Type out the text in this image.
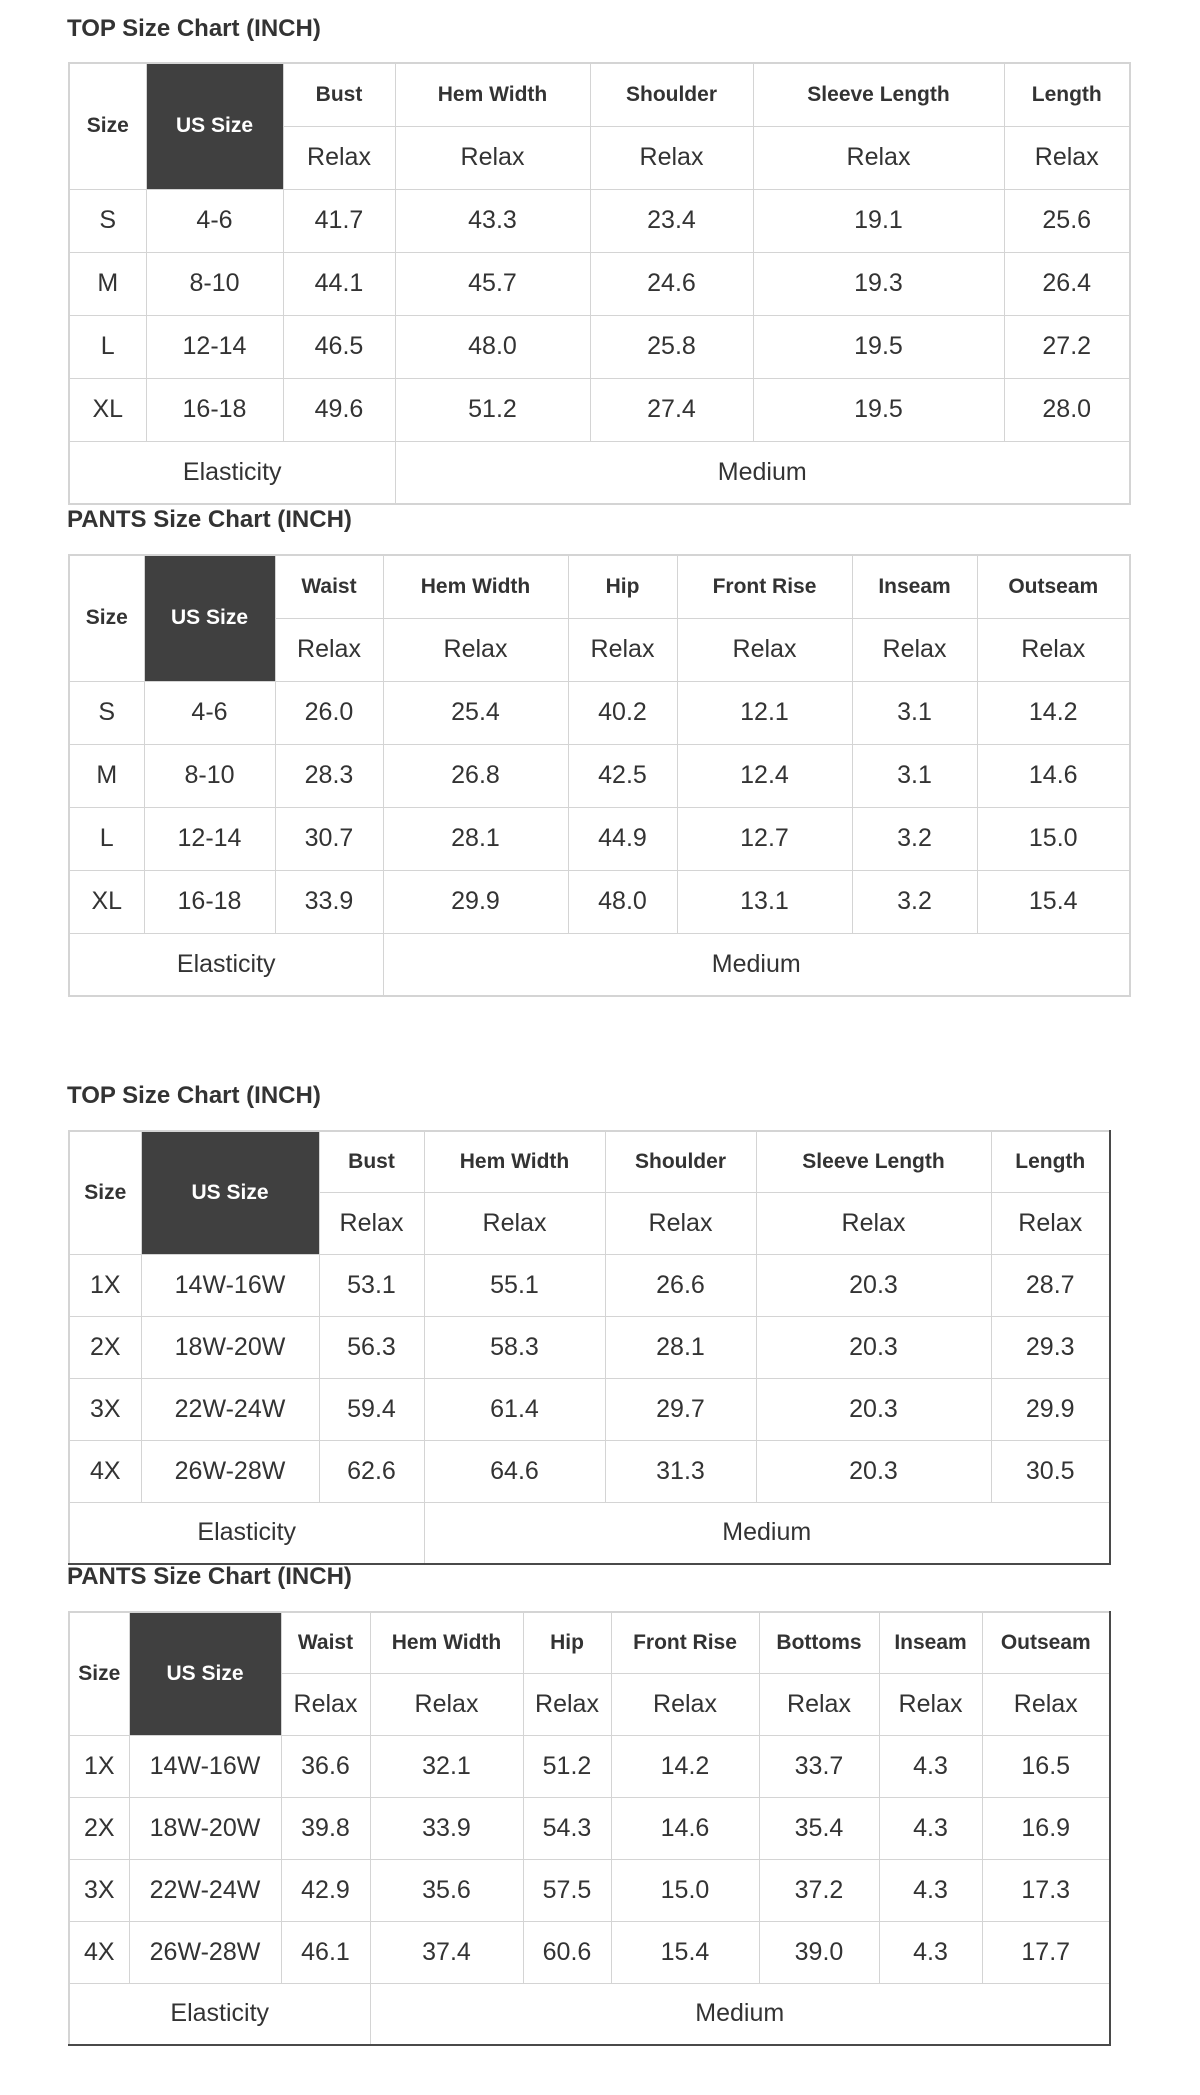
TOP Size Chart (INCH)
Size	US Size	Bust	Hem Width	Shoulder	Sleeve Length	Length
		Relax	Relax	Relax	Relax	Relax
S	4-6	41.7	43.3	23.4	19.1	25.6
M	8-10	44.1	45.7	24.6	19.3	26.4
L	12-14	46.5	48.0	25.8	19.5	27.2
XL	16-18	49.6	51.2	27.4	19.5	28.0
Elasticity			Medium			
PANTS Size Chart (INCH)
Size	US Size	Waist	Hem Width	Hip	Front Rise	Inseam	Outseam
		Relax	Relax	Relax	Relax	Relax	Relax
S	4-6	26.0	25.4	40.2	12.1	3.1	14.2
M	8-10	28.3	26.8	42.5	12.4	3.1	14.6
L	12-14	30.7	28.1	44.9	12.7	3.2	15.0
XL	16-18	33.9	29.9	48.0	13.1	3.2	15.4
Elasticity			Medium				
TOP Size Chart (INCH)
Size	US Size	Bust	Hem Width	Shoulder	Sleeve Length	Length
		Relax	Relax	Relax	Relax	Relax
1X	14W-16W	53.1	55.1	26.6	20.3	28.7
2X	18W-20W	56.3	58.3	28.1	20.3	29.3
3X	22W-24W	59.4	61.4	29.7	20.3	29.9
4X	26W-28W	62.6	64.6	31.3	20.3	30.5
Elasticity			Medium			
PANTS Size Chart (INCH)
Size	US Size	Waist	Hem Width	Hip	Front Rise	Bottoms	Inseam	Outseam
		Relax	Relax	Relax	Relax	Relax	Relax	Relax
1X	14W-16W	36.6	32.1	51.2	14.2	33.7	4.3	16.5
2X	18W-20W	39.8	33.9	54.3	14.6	35.4	4.3	16.9
3X	22W-24W	42.9	35.6	57.5	15.0	37.2	4.3	17.3
4X	26W-28W	46.1	37.4	60.6	15.4	39.0	4.3	17.7
Elasticity			Medium					
